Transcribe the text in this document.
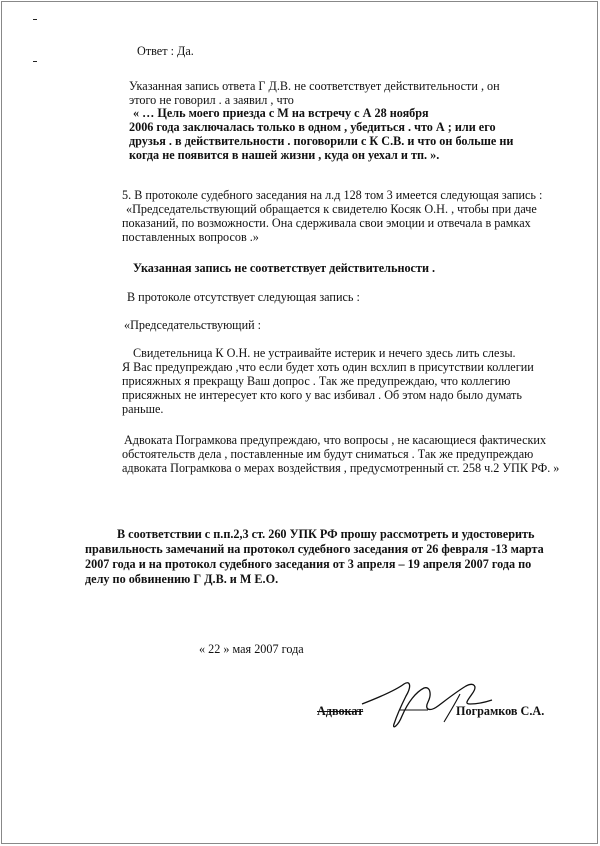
Ответ : Да.
Указанная запись ответа Г Д.В. не соответствует действительности , он
этого не говорил . а заявил , что
« … Цель моего приезда с М на встречу с А 28 ноября
2006 года заключалась только в одном , убедиться . что А ; или его
друзья . в действительности . поговорили с К С.В. и что он больше ни
когда не появится в нашей жизни , куда он уехал и тп. ».
5. В протоколе судебного заседания на л.д 128 том 3 имеется следующая запись :
«Председательствующий обращается к свидетелю Косяк О.Н. , чтобы при даче
показаний, по возможности. Она сдерживала свои эмоции и отвечала в рамках
поставленных вопросов .»
Указанная запись не соответствует действительности .
В протоколе отсутствует следующая запись :
«Председательствующий :
Свидетельница К О.Н. не устраивайте истерик и нечего здесь лить слезы.
Я Вас предупреждаю ,что если будет хоть один всхлип в присутствии коллегии
присяжных я прекращу Ваш допрос . Так же предупреждаю, что коллегию
присяжных не интересует кто кого у вас избивал . Об этом надо было думать
раньше.
Адвоката Пограмкова предупреждаю, что вопросы , не касающиеся фактических
обстоятельств дела , поставленные им будут сниматься . Так же предупреждаю
адвоката Пограмкова о мерах воздействия , предусмотренный ст. 258 ч.2 УПК РФ. »
В соответствии с п.п.2,3 ст. 260 УПК РФ прошу рассмотреть и удостоверить
правильность замечаний на протокол судебного заседания от 26 февраля -13 марта
2007 года и на протокол судебного заседания от 3 апреля – 19 апреля 2007 года по
делу по обвинению Г Д.В. и М Е.О.
« 22 » мая 2007 года
Адвокат	Пограмков С.А.
